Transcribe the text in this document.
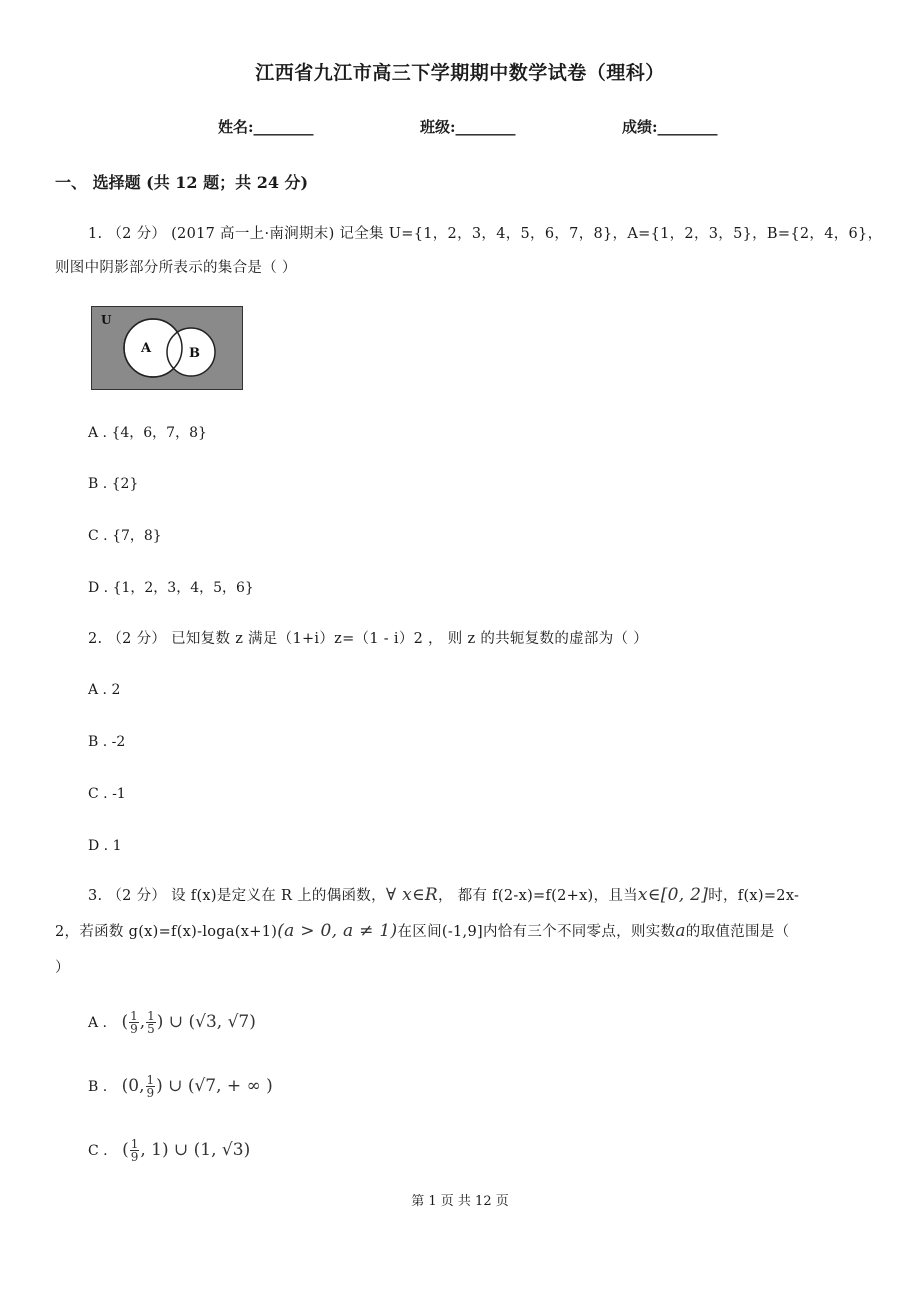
江西省九江市高三下学期期中数学试卷（理科）
姓名:________	班级:________	成绩:________
一、 选择题 (共 12 题；共 24 分)
1. （2 分） (2017 高一上·南涧期末) 记全集 U={1，2，3，4，5，6，7，8}，A={1，2，3，5}，B={2，4，6}，
则图中阴影部分所表示的集合是（ ）
U
A	B
A . {4，6，7，8}
B . {2}
C . {7，8}
D . {1，2，3，4，5，6}
2. （2 分） 已知复数 z 满足（1+i）z=（1 - i）2 ， 则 z 的共轭复数的虚部为（ ）
A . 2
B . -2
C . -1
D . 1
3. （2 分） 设 f(x)是定义在 R 上的偶函数，∀ x∈R， 都有 f(2-x)=f(2+x)，且当x∈[0, 2]时，f(x)=2x-
2，若函数 g(x)=f(x)-loga(x+1)(a > 0, a ≠ 1)在区间(-1,9]内恰有三个不同零点，则实数a的取值范围是（
）
A . ( $\frac{1}{9}$ , $\frac{1}{5}$ ) ∪ (√3, √7)
B . (0, $\frac{1}{9}$ ) ∪ (√7, + ∞ )
C . ( $\frac{1}{9}$ , 1) ∪ (1, √3)
第 1 页 共 12 页
